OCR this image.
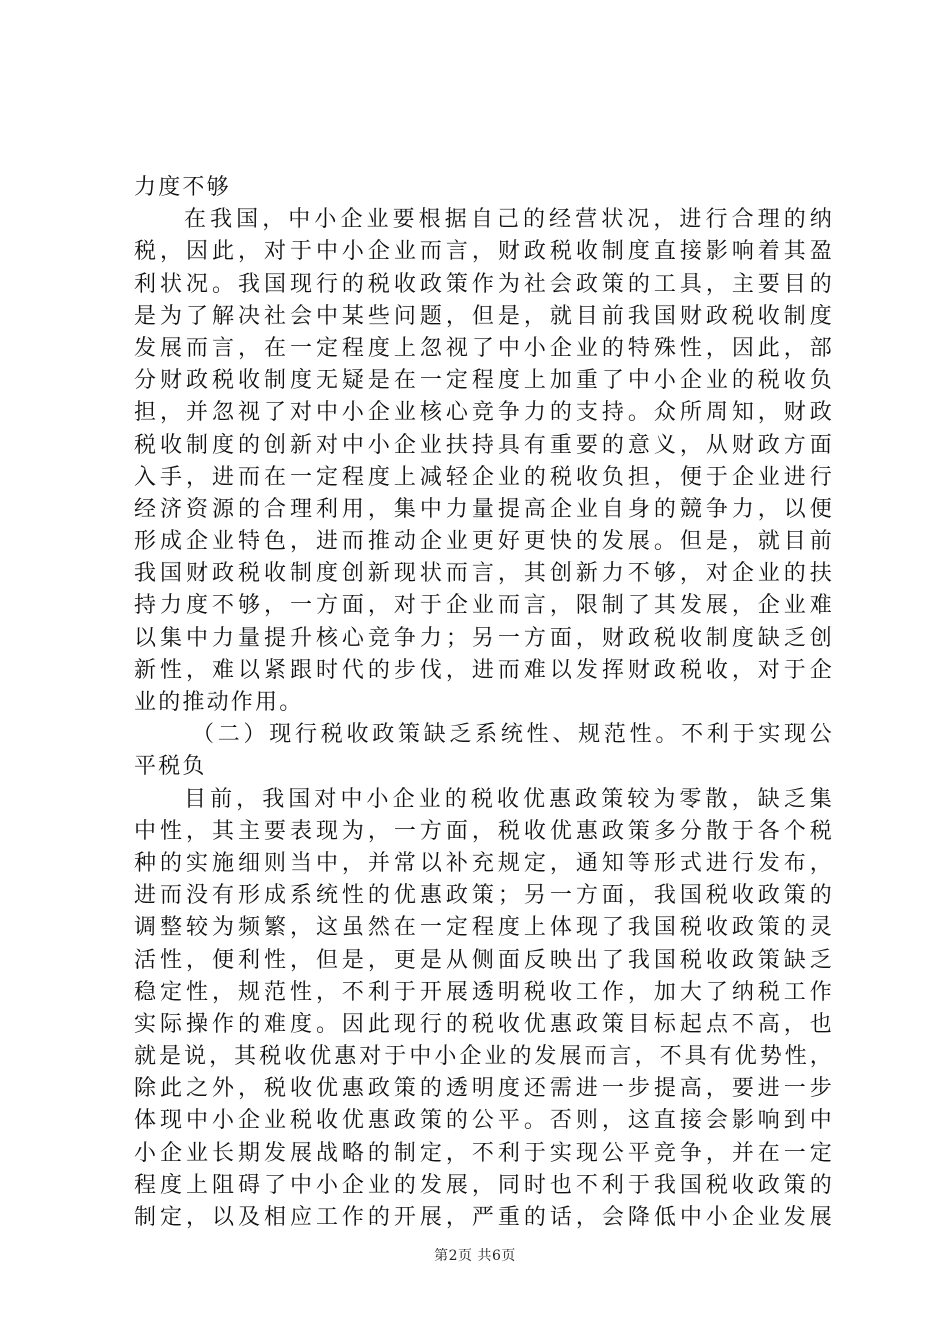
力度不够
在我国，中小企业要根据自己的经营状况，进行合理的纳
税，因此，对于中小企业而言，财政税收制度直接影响着其盈
利状况。我国现行的税收政策作为社会政策的工具，主要目的
是为了解决社会中某些问题，但是，就目前我国财政税收制度
发展而言，在一定程度上忽视了中小企业的特殊性，因此，部
分财政税收制度无疑是在一定程度上加重了中小企业的税收负
担，并忽视了对中小企业核心竞争力的支持。众所周知，财政
税收制度的创新对中小企业扶持具有重要的意义，从财政方面
入手，进而在一定程度上减轻企业的税收负担，便于企业进行
经济资源的合理利用，集中力量提高企业自身的競争力，以便
形成企业特色，进而推动企业更好更快的发展。但是，就目前
我国财政税收制度创新现状而言，其创新力不够，对企业的扶
持力度不够，一方面，对于企业而言，限制了其发展，企业难
以集中力量提升核心竞争力；另一方面，财政税收制度缺乏创
新性，难以紧跟时代的步伐，进而难以发挥财政税收，对于企
业的推动作用。
（二）现行税收政策缺乏系统性、规范性。不利于实现公
平税负
目前，我国对中小企业的税收优惠政策较为零散，缺乏集
中性，其主要表现为，一方面，税收优惠政策多分散于各个税
种的实施细则当中，并常以补充规定，通知等形式进行发布，
进而没有形成系统性的优惠政策；另一方面，我国税收政策的
调整较为频繁，这虽然在一定程度上体现了我国税收政策的灵
活性，便利性，但是，更是从侧面反映出了我国税收政策缺乏
稳定性，规范性，不利于开展透明税收工作，加大了纳税工作
实际操作的难度。因此现行的税收优惠政策目标起点不高，也
就是说，其税收优惠对于中小企业的发展而言，不具有优势性，
除此之外，税收优惠政策的透明度还需进一步提高，要进一步
体现中小企业税收优惠政策的公平。否则，这直接会影响到中
小企业长期发展战略的制定，不利于实现公平竞争，并在一定
程度上阻碍了中小企业的发展，同时也不利于我国税收政策的
制定，以及相应工作的开展，严重的话，会降低中小企业发展
第2页 共6页
